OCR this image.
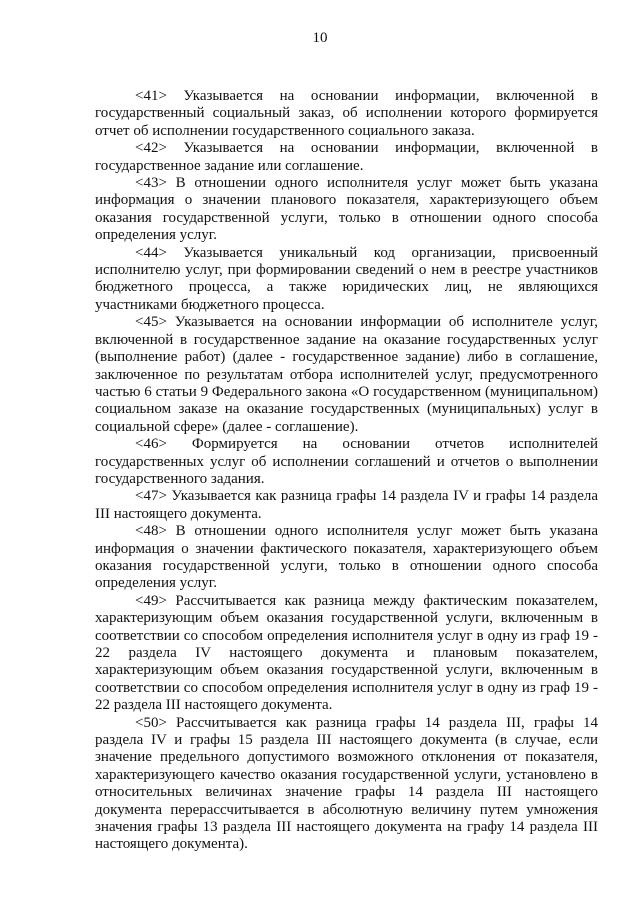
10

<41> Указывается на основании информации, включенной в государственный социальный заказ, об исполнении которого формируется отчет об исполнении государственного социального заказа.

<42> Указывается на основании информации, включенной в государственное задание или соглашение.

<43> В отношении одного исполнителя услуг может быть указана информация о значении планового показателя, характеризующего объем оказания государственной услуги, только в отношении одного способа определения услуг.

<44> Указывается уникальный код организации, присвоенный исполнителю услуг, при формировании сведений о нем в реестре участников бюджетного процесса, а также юридических лиц, не являющихся участниками бюджетного процесса.

<45> Указывается на основании информации об исполнителе услуг, включенной в государственное задание на оказание государственных услуг (выполнение работ) (далее - государственное задание) либо в соглашение, заключенное по результатам отбора исполнителей услуг, предусмотренного частью 6 статьи 9 Федерального закона «О государственном (муниципальном) социальном заказе на оказание государственных (муниципальных) услуг в социальной сфере» (далее - соглашение).

<46> Формируется на основании отчетов исполнителей государственных услуг об исполнении соглашений и отчетов о выполнении государственного задания.

<47> Указывается как разница графы 14 раздела IV и графы 14 раздела III настоящего документа.

<48> В отношении одного исполнителя услуг может быть указана информация о значении фактического показателя, характеризующего объем оказания государственной услуги, только в отношении одного способа определения услуг.

<49> Рассчитывается как разница между фактическим показателем, характеризующим объем оказания государственной услуги, включенным в соответствии со способом определения исполнителя услуг в одну из граф 19 - 22 раздела IV настоящего документа и плановым показателем, характеризующим объем оказания государственной услуги, включенным в соответствии со способом определения исполнителя услуг в одну из граф 19 - 22 раздела III настоящего документа.

<50> Рассчитывается как разница графы 14 раздела III, графы 14 раздела IV и графы 15 раздела III настоящего документа (в случае, если значение предельного допустимого возможного отклонения от показателя, характеризующего качество оказания государственной услуги, установлено в относительных величинах значение графы 14 раздела III настоящего документа перерассчитывается в абсолютную величину путем умножения значения графы 13 раздела III настоящего документа на графу 14 раздела III настоящего документа).
